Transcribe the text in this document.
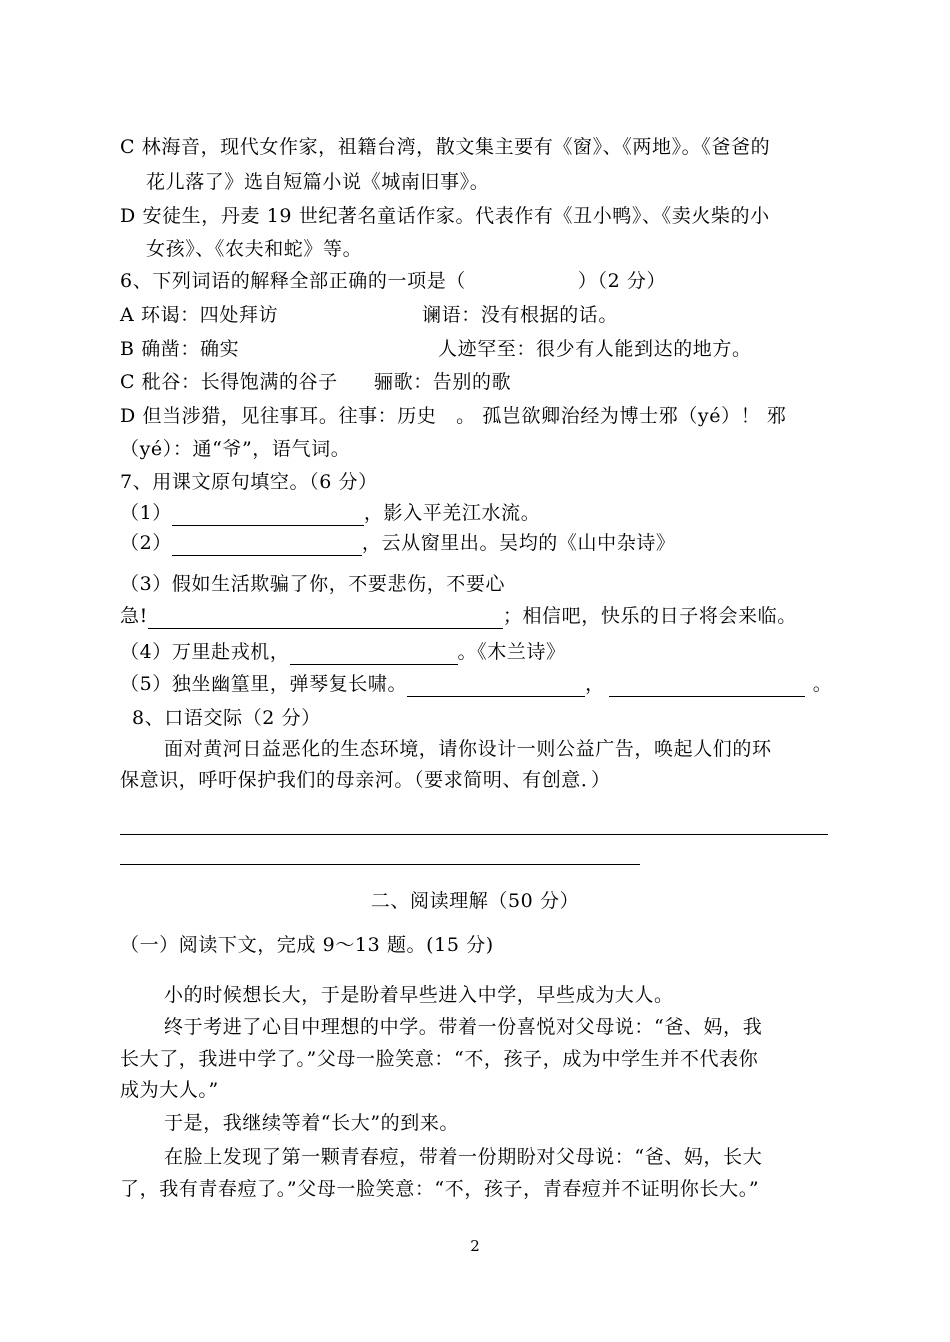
C 林海音，现代女作家，祖籍台湾，散文集主要有《窗》、《两地》。《爸爸的
花儿落了》选自短篇小说《城南旧事》。
D 安徒生，丹麦 19 世纪著名童话作家。代表作有《丑小鸭》、《卖火柴的小
女孩》、《农夫和蛇》等。
6、下列词语的解释全部正确的一项是（	）（2 分）
A 环谒：四处拜访	谰语：没有根据的话。
B 确凿：确实	人迹罕至：很少有人能到达的地方。
C 秕谷：长得饱满的谷子 骊歌：告别的歌
D 但当涉猎，见往事耳。往事：历史　。 孤岂欲卿治经为博士邪（yé）！ 邪
（yé）：通“爷”，语气词。
7、用课文原句填空。（6 分）
（1）	，影入平羌江水流。
（2）	，云从窗里出。吴均的《山中杂诗》
（3）假如生活欺骗了你，不要悲伤，不要心
急!	；相信吧，快乐的日子将会来临。
（4）万里赴戎机，	。《木兰诗》
（5）独坐幽篁里，弹琴复长啸。	，	。
8、口语交际（2 分）
面对黄河日益恶化的生态环境，请你设计一则公益广告，唤起人们的环
保意识，呼吁保护我们的母亲河。（要求简明、有创意．）
二、阅读理解（50 分）
（一）阅读下文，完成 9～13 题。(15 分)
小的时候想长大，于是盼着早些进入中学，早些成为大人。
终于考进了心目中理想的中学。带着一份喜悦对父母说：“爸、妈，我
长大了，我进中学了。”父母一脸笑意：“不，孩子，成为中学生并不代表你
成为大人。”
于是，我继续等着“长大”的到来。
在脸上发现了第一颗青春痘，带着一份期盼对父母说：“爸、妈，长大
了，我有青春痘了。”父母一脸笑意：“不，孩子，青春痘并不证明你长大。”
2
